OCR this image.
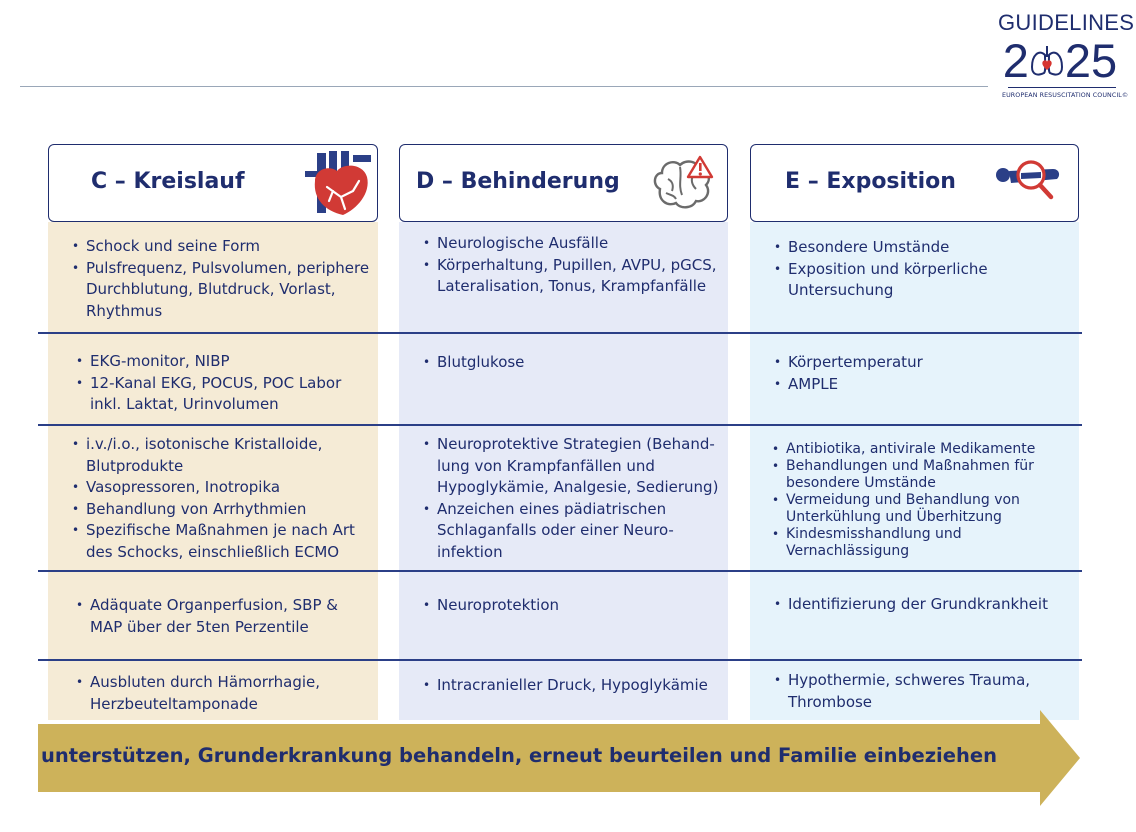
GUIDELINES
2 25
EUROPEAN RESUSCITATION COUNCIL©
C – Kreislauf	D – Behinderung	E – Exposition
• Schock und seine Form
• Pulsfrequenz, Pulsvolumen, periphere Durchblutung, Blutdruck, Vorlast, Rhythmus
• EKG-monitor, NIBP
• 12-Kanal EKG, POCUS, POC Labor inkl. Laktat, Urinvolumen
• i.v./i.o., isotonische Kristalloide, Blutprodukte
• Vasopressoren, Inotropika
• Behandlung von Arrhythmien
• Spezifische Maßnahmen je nach Art des Schocks, einschließlich ECMO
• Adäquate Organperfusion, SBP & MAP über der 5ten Perzentile
• Ausbluten durch Hämorrhagie, Herzbeuteltamponade
• Neurologische Ausfälle
• Körperhaltung, Pupillen, AVPU, pGCS, Lateralisation, Tonus, Krampfanfälle
• Blutglukose
• Neuroprotektive Strategien (Behand-lung von Krampfanfällen und Hypoglykämie, Analgesie, Sedierung)
• Anzeichen eines pädiatrischen Schlaganfalls oder einer Neuro-infektion
• Neuroprotektion
• Intracranieller Druck, Hypoglykämie
• Besondere Umstände
• Exposition und körperliche Untersuchung
• Körpertemperatur
• AMPLE
• Antibiotika, antivirale Medikamente
• Behandlungen und Maßnahmen für besondere Umstände
• Vermeidung und Behandlung von Unterkühlung und Überhitzung
• Kindesmisshandlung und Vernachlässigung
• Identifizierung der Grundkrankheit
• Hypothermie, schweres Trauma, Thrombose
unterstützen, Grunderkrankung behandeln, erneut beurteilen und Familie einbeziehen
